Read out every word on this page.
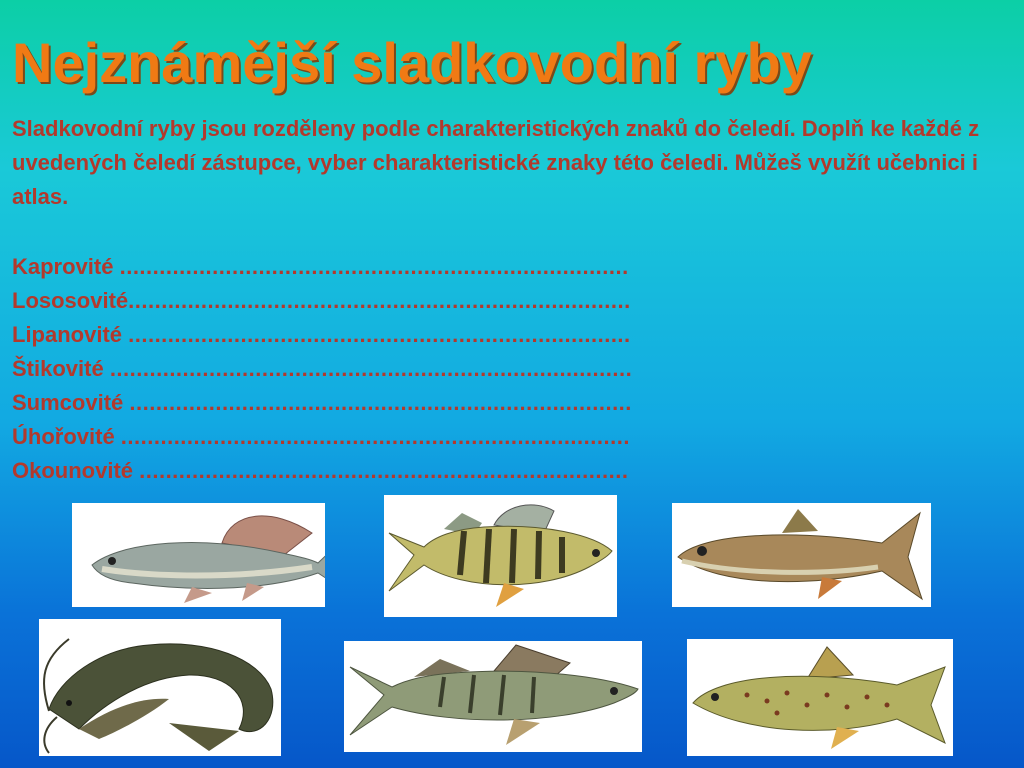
Nejznámější sladkovodní ryby

Sladkovodní ryby jsou rozděleny podle charakteristických znaků do čeledí. Doplň ke každé z uvedených čeledí zástupce, vyber charakteristické znaky této čeledi. Můžeš využít učebnici i atlas.

Kaprovité .............................................................................
Lososovité............................................................................
Lipanovité ............................................................................
Štikovité ...............................................................................
Sumcovité ............................................................................
Úhořovité .............................................................................
Okounovité ..........................................................................
